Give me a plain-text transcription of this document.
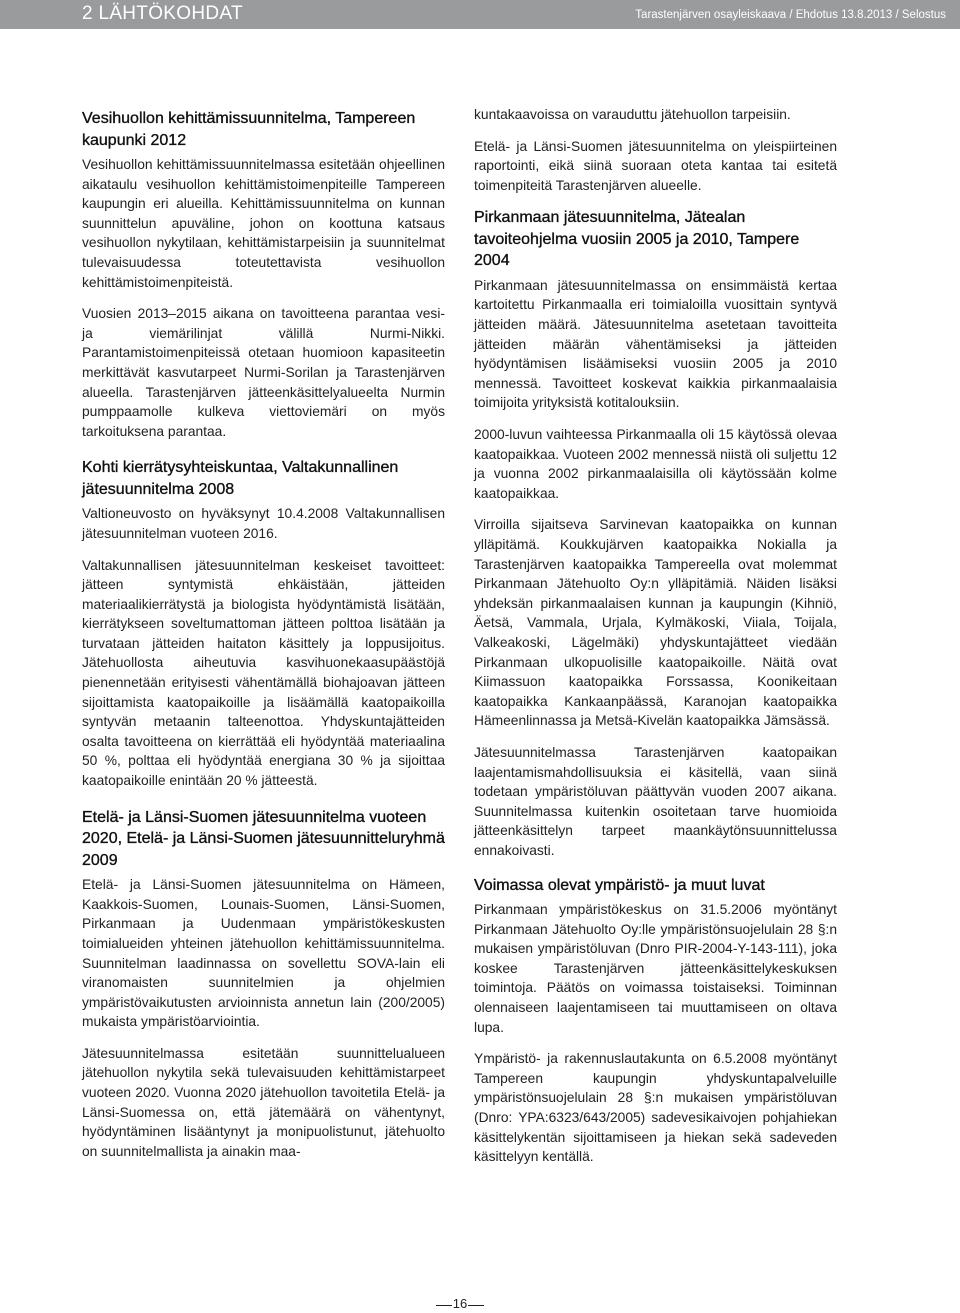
2 LÄHTÖKOHDAT	Tarastenjärven osayleiskaava / Ehdotus 13.8.2013 / Selostus
Vesihuollon kehittämissuunnitelma, Tampereen kaupunki 2012

Vesihuollon kehittämissuunnitelmassa esitetään ohjeellinen aikataulu vesihuollon kehittämistoimenpiteille Tampereen kaupungin eri alueilla. Kehittämissuunnitelma on kunnan suunnittelun apuväline, johon on koottuna katsaus vesihuollon nykytilaan, kehittämistarpeisiin ja suunnitelmat tulevaisuudessa toteutettavista vesihuollon kehittämistoimenpiteistä.

Vuosien 2013‒2015 aikana on tavoitteena parantaa vesi- ja viemärilinjat välillä Nurmi-Nikki. Parantamistoimenpiteissä otetaan huomioon kapasiteetin merkittävät kasvutarpeet Nurmi-Sorilan ja Tarastenjärven alueella. Tarastenjärven jätteenkäsittelyalueelta Nurmin pumppaamolle kulkeva viettoviemäri on myös tarkoituksena parantaa.

Kohti kierrätysyhteiskuntaa, Valtakunnallinen jätesuunnitelma 2008

Valtioneuvosto on hyväksynyt 10.4.2008 Valtakunnallisen jätesuunnitelman vuoteen 2016.

Valtakunnallisen jätesuunnitelman keskeiset tavoitteet: jätteen syntymistä ehkäistään, jätteiden materiaalikierrätystä ja biologista hyödyntämistä lisätään, kierrätykseen soveltumattoman jätteen polttoa lisätään ja turvataan jätteiden haitaton käsittely ja loppusijoitus. Jätehuollosta aiheutuvia kasvihuonekaasupäästöjä pienennetään erityisesti vähentämällä biohajoavan jätteen sijoittamista kaatopaikoille ja lisäämällä kaatopaikoilla syntyvän metaanin talteenottoa. Yhdyskuntajätteiden osalta tavoitteena on kierrättää eli hyödyntää materiaalina 50 %, polttaa eli hyödyntää energiana 30 % ja sijoittaa kaatopaikoille enintään 20 % jätteestä.

Etelä- ja Länsi-Suomen jätesuunnitelma vuoteen 2020, Etelä- ja Länsi-Suomen jätesuunnitteluryhmä 2009

Etelä- ja Länsi-Suomen jätesuunnitelma on Hämeen, Kaakkois-Suomen, Lounais-Suomen, Länsi-Suomen, Pirkanmaan ja Uudenmaan ympäristökeskusten toimialueiden yhteinen jätehuollon kehittämissuunnitelma. Suunnitelman laadinnassa on sovellettu SOVA-lain eli viranomaisten suunnitelmien ja ohjelmien ympäristövaikutusten arvioinnista annetun lain (200/2005) mukaista ympäristöarviointia.

Jätesuunnitelmassa esitetään suunnittelualueen jätehuollon nykytila sekä tulevaisuuden kehittämistarpeet vuoteen 2020. Vuonna 2020 jätehuollon tavoitetila Etelä- ja Länsi-Suomessa on, että jätemäärä on vähentynyt, hyödyntäminen lisääntynyt ja monipuolistunut, jätehuolto on suunnitelmallista ja ainakin maa-

kuntakaavoissa on varauduttu jätehuollon tarpeisiin.

Etelä- ja Länsi-Suomen jätesuunnitelma on yleispiirteinen raportointi, eikä siinä suoraan oteta kantaa tai esitetä toimenpiteitä Tarastenjärven alueelle.

Pirkanmaan jätesuunnitelma, Jätealan tavoiteohjelma vuosiin 2005 ja 2010, Tampere 2004

Pirkanmaan jätesuunnitelmassa on ensimmäistä kertaa kartoitettu Pirkanmaalla eri toimialoilla vuosittain syntyvä jätteiden määrä. Jätesuunnitelma asetetaan tavoitteita jätteiden määrän vähentämiseksi ja jätteiden hyödyntämisen lisäämiseksi vuosiin 2005 ja 2010 mennessä. Tavoitteet koskevat kaikkia pirkanmaalaisia toimijoita yrityksistä kotitalouksiin.

2000-luvun vaihteessa Pirkanmaalla oli 15 käytössä olevaa kaatopaikkaa. Vuoteen 2002 mennessä niistä oli suljettu 12 ja vuonna 2002 pirkanmaalaisilla oli käytössään kolme kaatopaikkaa.

Virroilla sijaitseva Sarvinevan kaatopaikka on kunnan ylläpitämä. Koukkujärven kaatopaikka Nokialla ja Tarastenjärven kaatopaikka Tampereella ovat molemmat Pirkanmaan Jätehuolto Oy:n ylläpitämiä. Näiden lisäksi yhdeksän pirkanmaalaisen kunnan ja kaupungin (Kihniö, Äetsä, Vammala, Urjala, Kylmäkoski, Viiala, Toijala, Valkeakoski, Lägelmäki) yhdyskuntajätteet viedään Pirkanmaan ulkopuolisille kaatopaikoille. Näitä ovat Kiimassuon kaatopaikka Forssassa, Koonikeitaan kaatopaikka Kankaanpäässä, Karanojan kaatopaikka Hämeenlinnassa ja Metsä-Kivelän kaatopaikka Jämsässä.

Jätesuunnitelmassa Tarastenjärven kaatopaikan laajentamismahdollisuuksia ei käsitellä, vaan siinä todetaan ympäristöluvan päättyvän vuoden 2007 aikana. Suunnitelmassa kuitenkin osoitetaan tarve huomioida jätteenkäsittelyn tarpeet maankäytönsuunnittelussa ennakoivasti.

Voimassa olevat ympäristö- ja muut luvat

Pirkanmaan ympäristökeskus on 31.5.2006 myöntänyt Pirkanmaan Jätehuolto Oy:lle ympäristönsuojelulain 28 §:n mukaisen ympäristöluvan (Dnro PIR-2004-Y-143-111), joka koskee Tarastenjärven jätteenkäsittelykeskuksen toimintoja. Päätös on voimassa toistaiseksi. Toiminnan olennaiseen laajentamiseen tai muuttamiseen on oltava lupa.

Ympäristö- ja rakennuslautakunta on 6.5.2008 myöntänyt Tampereen kaupungin yhdyskuntapalveluille ympäristönsuojelulain 28 §:n mukaisen ympäristöluvan (Dnro: YPA:6323/643/2005) sadevesikaivojen pohjahiekan käsittelykentän sijoittamiseen ja hiekan sekä sadeveden käsittelyyn kentällä.

16
